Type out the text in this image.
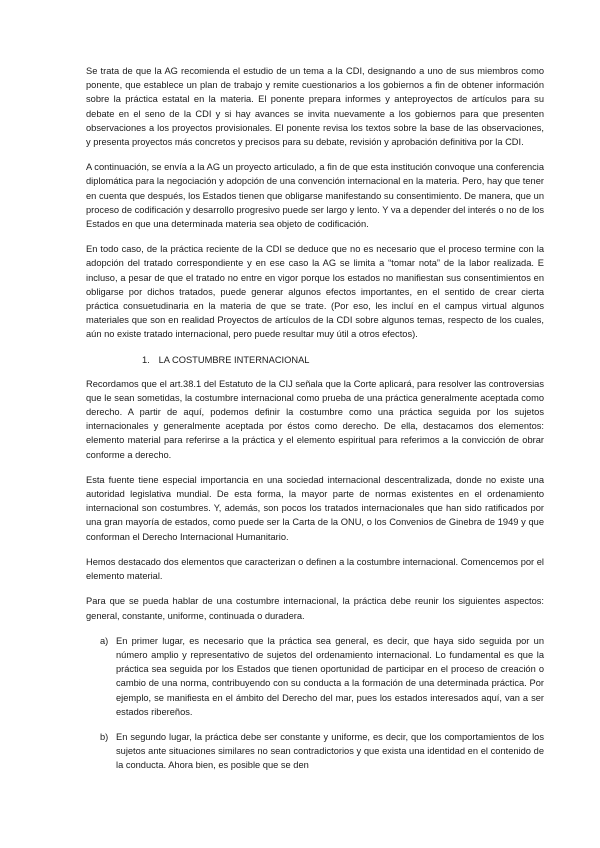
Se trata de que la AG recomienda el estudio de un tema a la CDI, designando a uno de sus miembros como ponente, que establece un plan de trabajo y remite cuestionarios a los gobiernos a fin de obtener información sobre la práctica estatal en la materia. El ponente prepara informes y anteproyectos de artículos para su debate en el seno de la CDI y si hay avances se invita nuevamente a los gobiernos para que presenten observaciones a los proyectos provisionales. El ponente revisa los textos sobre la base de las observaciones, y presenta proyectos más concretos y precisos para su debate, revisión y aprobación definitiva por la CDI.

A continuación, se envía a la AG un proyecto articulado, a fin de que esta institución convoque una conferencia diplomática para la negociación y adopción de una convención internacional en la materia. Pero, hay que tener en cuenta que después, los Estados tienen que obligarse manifestando su consentimiento. De manera, que un proceso de codificación y desarrollo progresivo puede ser largo y lento. Y va a depender del interés o no de los Estados en que una determinada materia sea objeto de codificación.

En todo caso, de la práctica reciente de la CDI se deduce que no es necesario que el proceso termine con la adopción del tratado correspondiente y en ese caso la AG se limita a “tomar nota” de la labor realizada. E incluso, a pesar de que el tratado no entre en vigor porque los estados no manifiestan sus consentimientos en obligarse por dichos tratados, puede generar algunos efectos importantes, en el sentido de crear cierta práctica consuetudinaria en la materia de que se trate. (Por eso, les incluí en el campus virtual algunos materiales que son en realidad Proyectos de artículos de la CDI sobre algunos temas, respecto de los cuales, aún no existe tratado internacional, pero puede resultar muy útil a otros efectos).

1. LA COSTUMBRE INTERNACIONAL

Recordamos que el art.38.1 del Estatuto de la CIJ señala que la Corte aplicará, para resolver las controversias que le sean sometidas, la costumbre internacional como prueba de una práctica generalmente aceptada como derecho. A partir de aquí, podemos definir la costumbre como una práctica seguida por los sujetos internacionales y generalmente aceptada por éstos como derecho. De ella, destacamos dos elementos: elemento material para referirse a la práctica y el elemento espiritual para referimos a la convicción de obrar conforme a derecho.

Esta fuente tiene especial importancia en una sociedad internacional descentralizada, donde no existe una autoridad legislativa mundial. De esta forma, la mayor parte de normas existentes en el ordenamiento internacional son costumbres. Y, además, son pocos los tratados internacionales que han sido ratificados por una gran mayoría de estados, como puede ser la Carta de la ONU, o los Convenios de Ginebra de 1949 y que conforman el Derecho Internacional Humanitario.

Hemos destacado dos elementos que caracterizan o definen a la costumbre internacional. Comencemos por el elemento material.

Para que se pueda hablar de una costumbre internacional, la práctica debe reunir los siguientes aspectos: general, constante, uniforme, continuada o duradera.

a) En primer lugar, es necesario que la práctica sea general, es decir, que haya sido seguida por un número amplio y representativo de sujetos del ordenamiento internacional. Lo fundamental es que la práctica sea seguida por los Estados que tienen oportunidad de participar en el proceso de creación o cambio de una norma, contribuyendo con su conducta a la formación de una determinada práctica. Por ejemplo, se manifiesta en el ámbito del Derecho del mar, pues los estados interesados aquí, van a ser estados ribereños.
b) En segundo lugar, la práctica debe ser constante y uniforme, es decir, que los comportamientos de los sujetos ante situaciones similares no sean contradictorios y que exista una identidad en el contenido de la conducta. Ahora bien, es posible que se den
